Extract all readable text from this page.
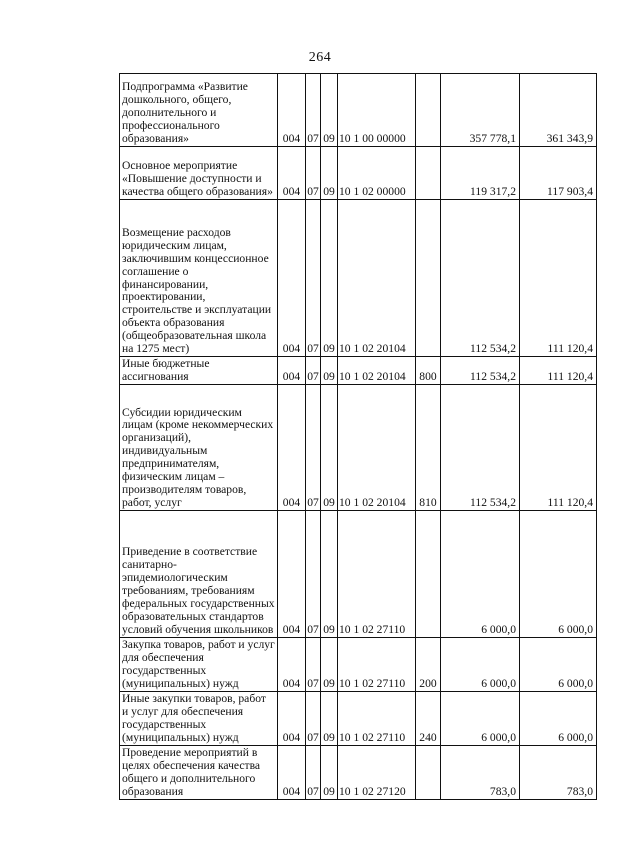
264
Подпрограмма «Развитие дошкольного, общего, дополнительного и профессионального образования»	004	07	09	10 1 00 00000		357 778,1	361 343,9
Основное мероприятие «Повышение доступности и качества общего образования»	004	07	09	10 1 02 00000		119 317,2	117 903,4
Возмещение расходов юридическим лицам, заключившим концессионное соглашение о финансировании, проектировании, строительстве и эксплуатации объекта образования (общеобразовательная школа на 1275 мест)	004	07	09	10 1 02 20104		112 534,2	111 120,4
Иные бюджетные ассигнования	004	07	09	10 1 02 20104	800	112 534,2	111 120,4
Субсидии юридическим лицам (кроме некоммерческих организаций), индивидуальным предпринимателям, физическим лицам – производителям товаров, работ, услуг	004	07	09	10 1 02 20104	810	112 534,2	111 120,4
Приведение в соответствие санитарно-эпидемиологическим требованиям, требованиям федеральных государственных образовательных стандартов условий обучения школьников	004	07	09	10 1 02 27110		6 000,0	6 000,0
Закупка товаров, работ и услуг для обеспечения государственных (муниципальных) нужд	004	07	09	10 1 02 27110	200	6 000,0	6 000,0
Иные закупки товаров, работ и услуг для обеспечения государственных (муниципальных) нужд	004	07	09	10 1 02 27110	240	6 000,0	6 000,0
Проведение мероприятий в целях обеспечения качества общего и дополнительного образования	004	07	09	10 1 02 27120		783,0	783,0
